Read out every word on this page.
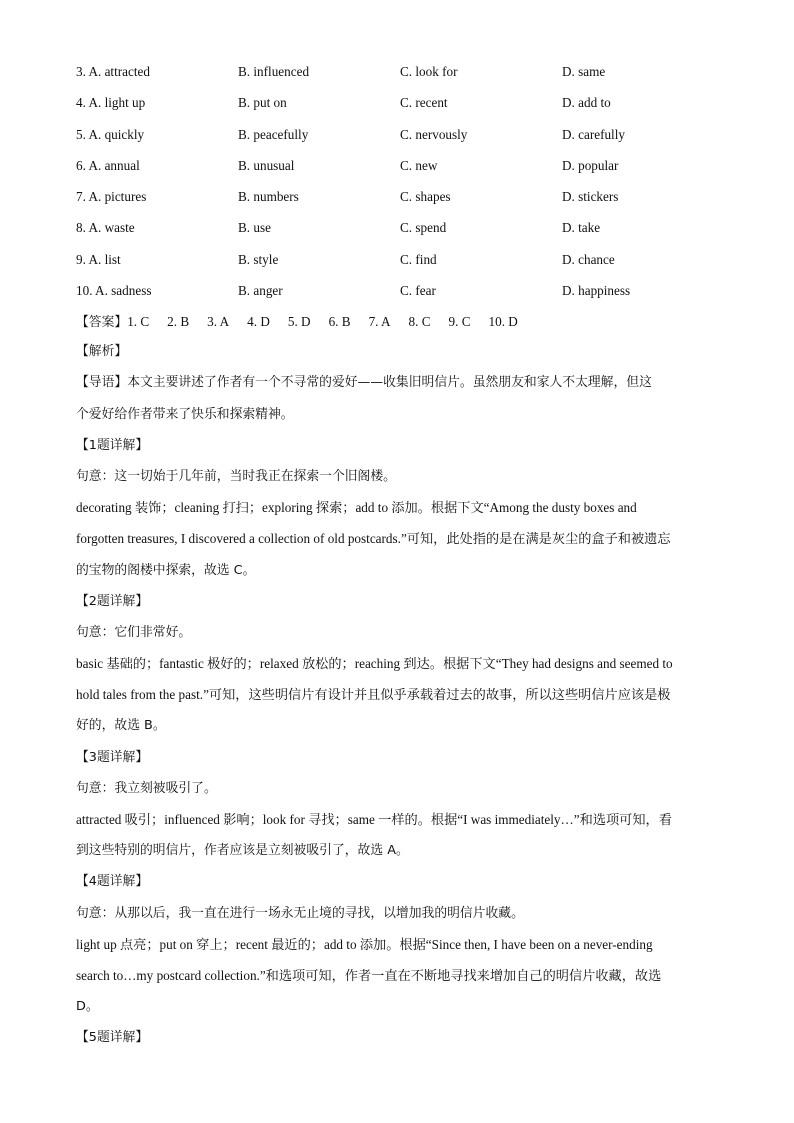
3. A. attracted	B. influenced	C. look for	D. same
4. A. light up	B. put on	C. recent	D. add to
5. A. quickly	B. peacefully	C. nervously	D. carefully
6. A. annual	B. unusual	C. new	D. popular
7. A. pictures	B. numbers	C. shapes	D. stickers
8. A. waste	B. use	C. spend	D. take
9. A. list	B. style	C. find	D. chance
10. A. sadness	B. anger	C. fear	D. happiness
【答案】1. C 2. B 3. A 4. D 5. D 6. B 7. A 8. C 9. C 10. D
【解析】
【导语】本文主要讲述了作者有一个不寻常的爱好——收集旧明信片。虽然朋友和家人不太理解，但这
个爱好给作者带来了快乐和探索精神。
【1题详解】
句意：这一切始于几年前，当时我正在探索一个旧阁楼。
decorating 装饰；cleaning 打扫；exploring 探索；add to 添加。根据下文“Among the dusty boxes and
forgotten treasures, I discovered a collection of old postcards.”可知，此处指的是在满是灰尘的盒子和被遗忘
的宝物的阁楼中探索，故选 C。
【2题详解】
句意：它们非常好。
basic 基础的；fantastic 极好的；relaxed 放松的；reaching 到达。根据下文“They had designs and seemed to
hold tales from the past.”可知，这些明信片有设计并且似乎承载着过去的故事，所以这些明信片应该是极
好的，故选 B。
【3题详解】
句意：我立刻被吸引了。
attracted 吸引；influenced 影响；look for 寻找；same 一样的。根据“I was immediately…”和选项可知，看
到这些特别的明信片，作者应该是立刻被吸引了，故选 A。
【4题详解】
句意：从那以后，我一直在进行一场永无止境的寻找，以增加我的明信片收藏。
light up 点亮；put on 穿上；recent 最近的；add to 添加。根据“Since then, I have been on a never-ending
search to…my postcard collection.”和选项可知，作者一直在不断地寻找来增加自己的明信片收藏，故选
D。
【5题详解】
